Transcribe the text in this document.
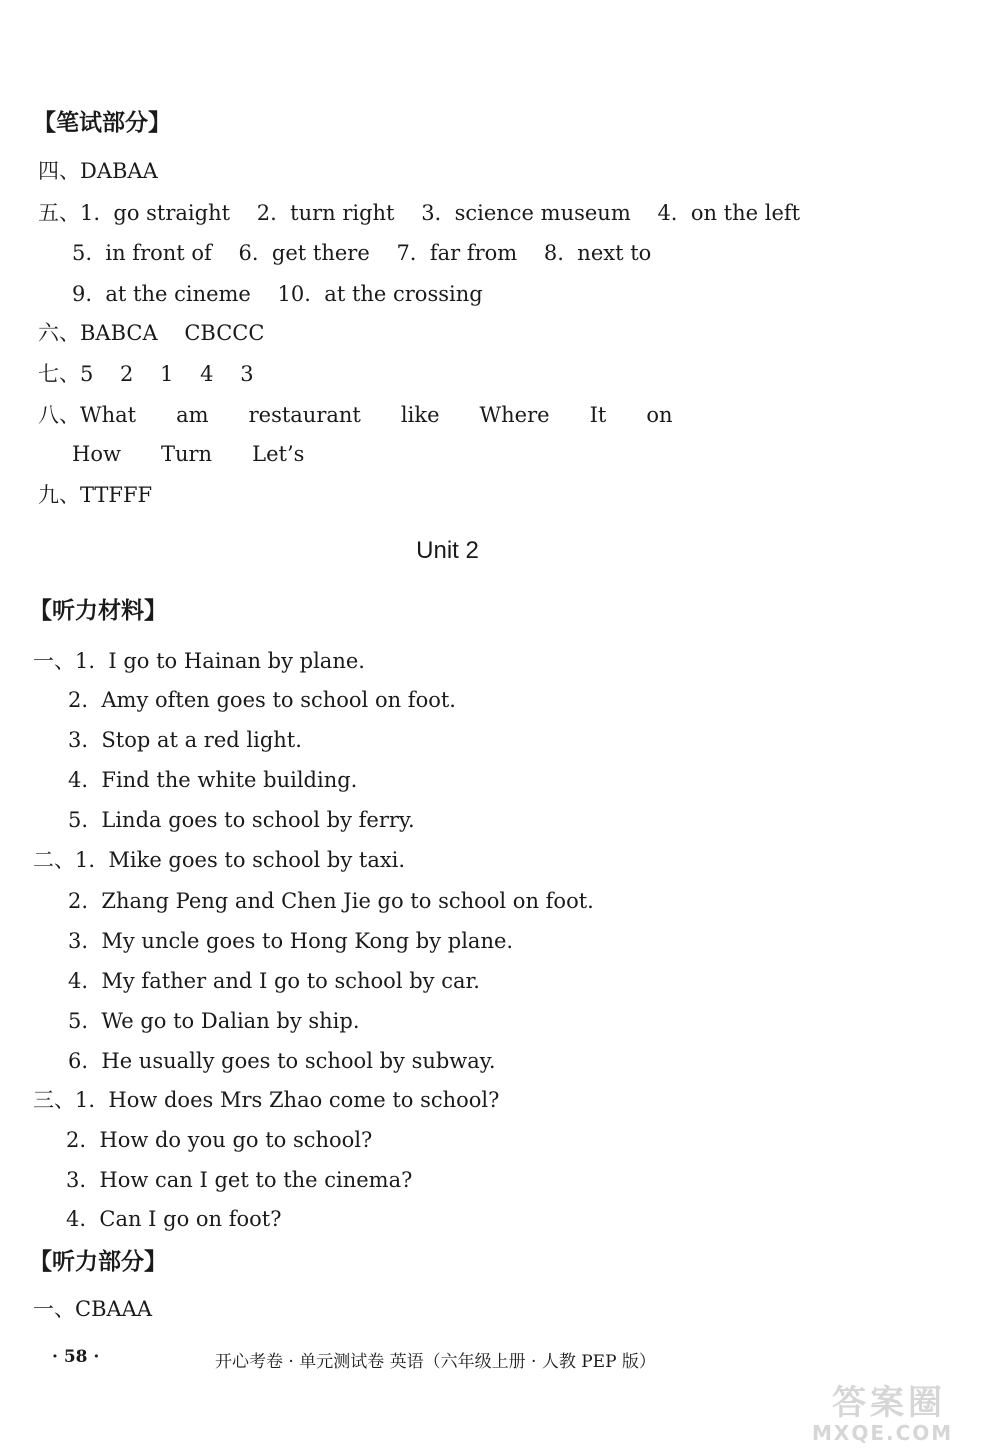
【笔试部分】
四、DABAA
五、1.  go straight    2.  turn right    3.  science museum    4.  on the left
5.  in front of    6.  get there    7.  far from    8.  next to
9.  at the cineme    10.  at the crossing
六、BABCA    CBCCC
七、5    2    1    4    3
八、What      am      restaurant      like      Where      It      on
How      Turn      Let’s
九、TTFFF
Unit 2
【听力材料】
一、1.  I go to Hainan by plane.
2.  Amy often goes to school on foot.
3.  Stop at a red light.
4.  Find the white building.
5.  Linda goes to school by ferry.
二、1.  Mike goes to school by taxi.
2.  Zhang Peng and Chen Jie go to school on foot.
3.  My uncle goes to Hong Kong by plane.
4.  My father and I go to school by car.
5.  We go to Dalian by ship.
6.  He usually goes to school by subway.
三、1.  How does Mrs Zhao come to school?
2.  How do you go to school?
3.  How can I get to the cinema?
4.  Can I go on foot?
【听力部分】
一、CBAAA
· 58 ·	开心考卷 · 单元测试卷 英语（六年级上册 · 人教 PEP 版）
答案圈
MXQE.COM
